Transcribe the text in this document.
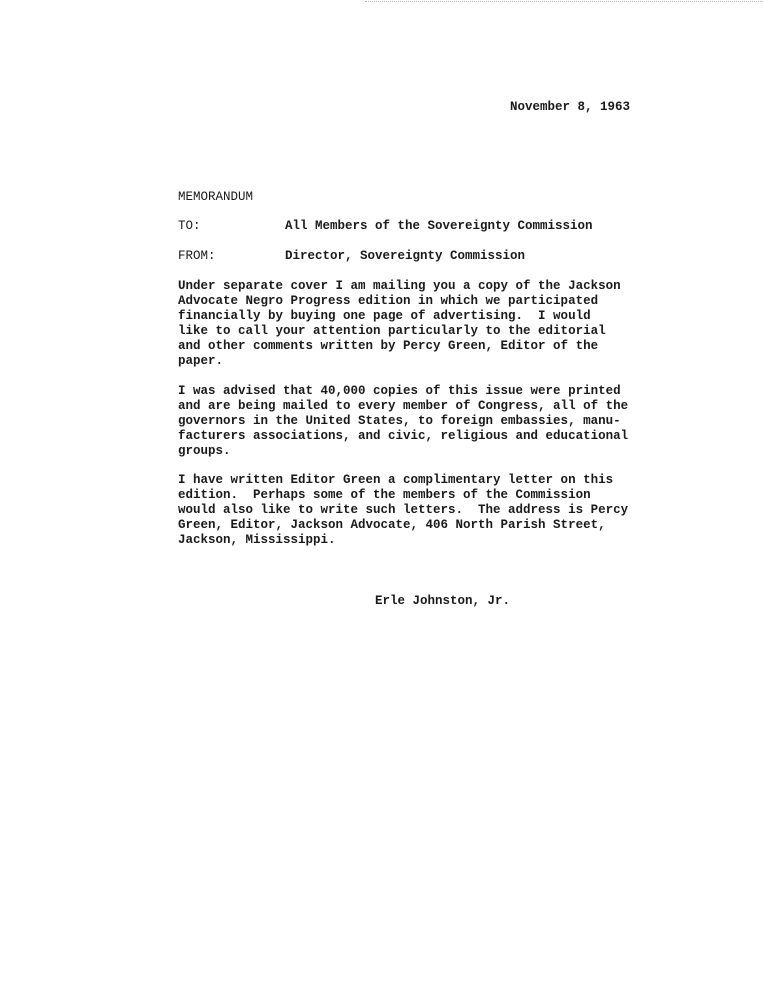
November 8, 1963
MEMORANDUM
TO:	All Members of the Sovereignty Commission
FROM:	Director, Sovereignty Commission
Under separate cover I am mailing you a copy of the Jackson
Advocate Negro Progress edition in which we participated
financially by buying one page of advertising.  I would
like to call your attention particularly to the editorial
and other comments written by Percy Green, Editor of the
paper.
I was advised that 40,000 copies of this issue were printed
and are being mailed to every member of Congress, all of the
governors in the United States, to foreign embassies, manu-
facturers associations, and civic, religious and educational
groups.
I have written Editor Green a complimentary letter on this
edition.  Perhaps some of the members of the Commission
would also like to write such letters.  The address is Percy
Green, Editor, Jackson Advocate, 406 North Parish Street,
Jackson, Mississippi.
Erle Johnston, Jr.
